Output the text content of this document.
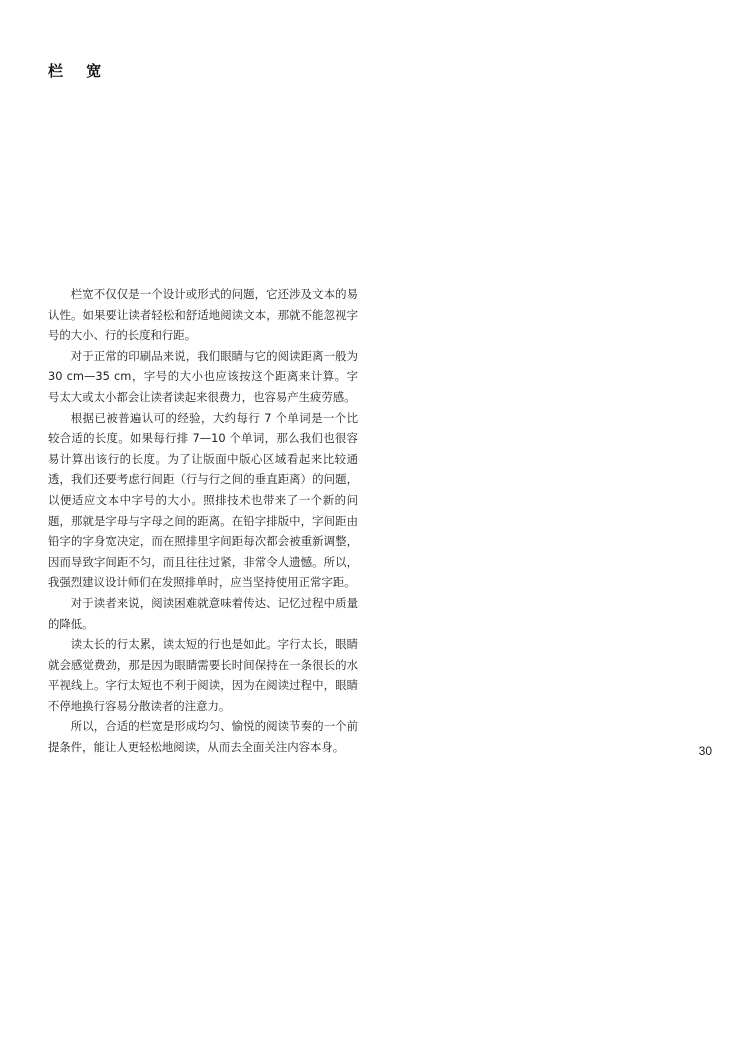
栏 宽

栏宽不仅仅是一个设计或形式的问题，它还涉及文本的易认性。如果要让读者轻松和舒适地阅读文本，那就不能忽视字号的大小、行的长度和行距。

对于正常的印刷品来说，我们眼睛与它的阅读距离一般为 30 cm—35 cm，字号的大小也应该按这个距离来计算。字号太大或太小都会让读者读起来很费力，也容易产生疲劳感。

根据已被普遍认可的经验，大约每行 7 个单词是一个比较合适的长度。如果每行排 7—10 个单词，那么我们也很容易计算出该行的长度。为了让版面中版心区域看起来比较通透，我们还要考虑行间距（行与行之间的垂直距离）的问题，以便适应文本中字号的大小。照排技术也带来了一个新的问题，那就是字母与字母之间的距离。在铅字排版中，字间距由铅字的字身宽决定，而在照排里字间距每次都会被重新调整，因而导致字间距不匀，而且往往过紧，非常令人遗憾。所以，我强烈建议设计师们在发照排单时，应当坚持使用正常字距。

对于读者来说，阅读困难就意味着传达、记忆过程中质量的降低。

读太长的行太累，读太短的行也是如此。字行太长，眼睛就会感觉费劲，那是因为眼睛需要长时间保持在一条很长的水平视线上。字行太短也不利于阅读，因为在阅读过程中，眼睛不停地换行容易分散读者的注意力。

所以，合适的栏宽是形成均匀、愉悦的阅读节奏的一个前提条件，能让人更轻松地阅读，从而去全面关注内容本身。	30
